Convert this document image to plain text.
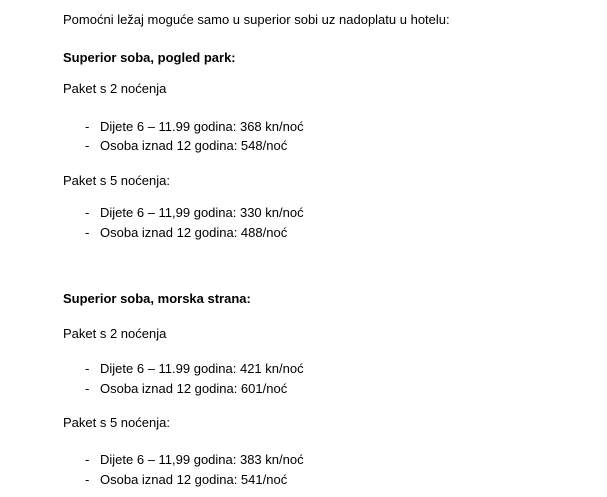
Pomoćni ležaj moguće samo u superior sobi uz nadoplatu u hotelu:
Superior soba, pogled park:
Paket s 2 noćenja
- Dijete 6 – 11.99 godina: 368 kn/noć
- Osoba iznad 12 godina: 548/noć
Paket s 5 noćenja:
- Dijete 6 – 11,99 godina: 330 kn/noć
- Osoba iznad 12 godina: 488/noć
Superior soba, morska strana:
Paket s 2 noćenja
- Dijete 6 – 11.99 godina: 421 kn/noć
- Osoba iznad 12 godina: 601/noć
Paket s 5 noćenja:
- Dijete 6 – 11,99 godina: 383 kn/noć
- Osoba iznad 12 godina: 541/noć
